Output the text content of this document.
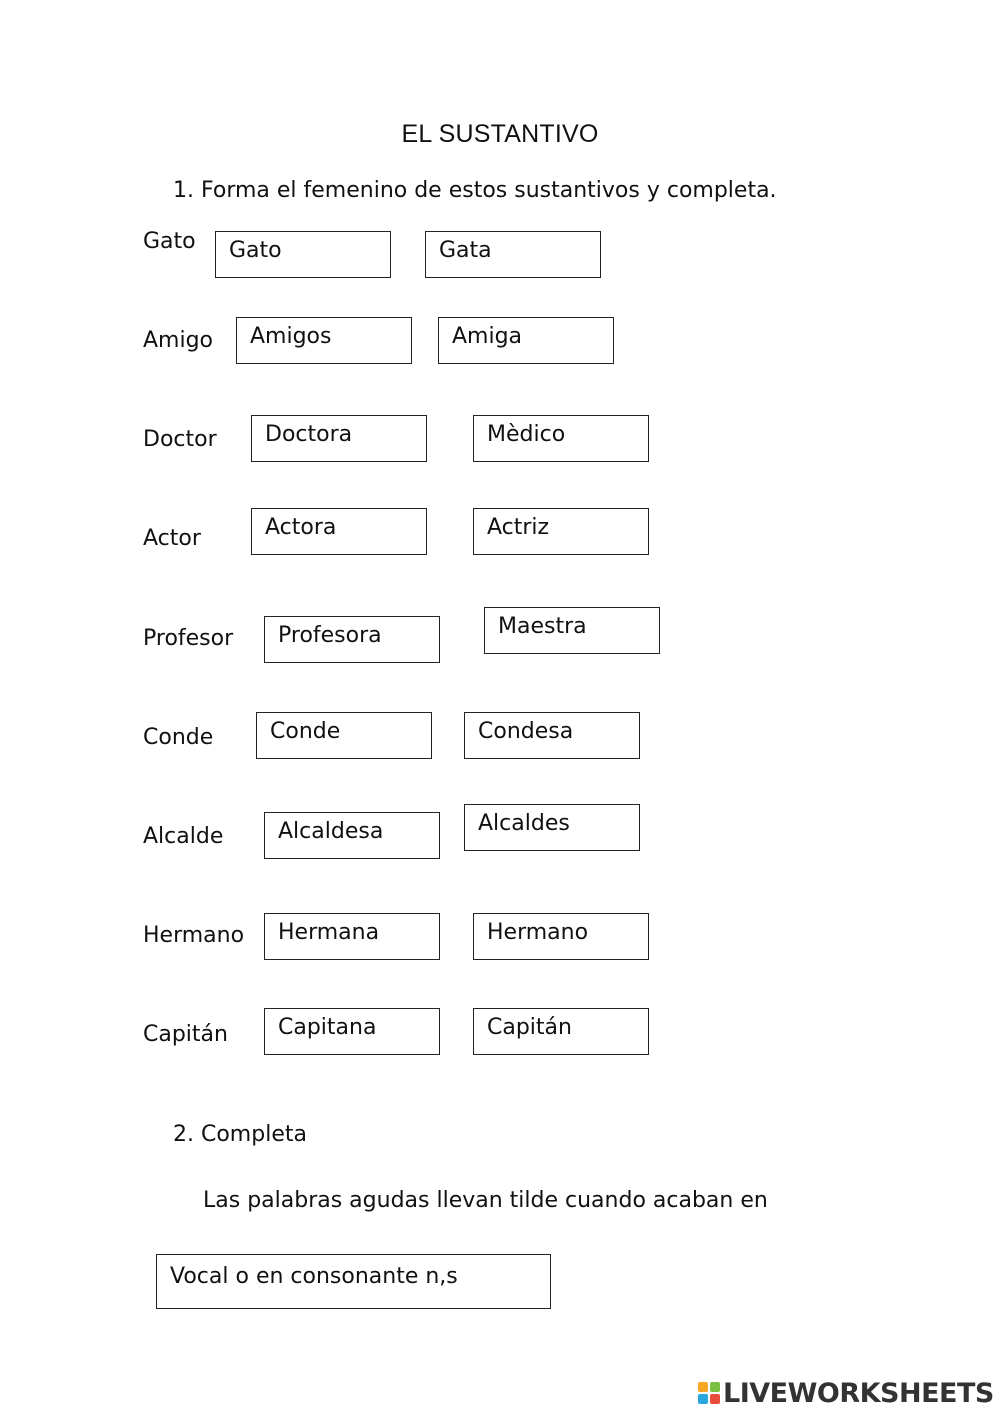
EL SUSTANTIVO
1. Forma el femenino de estos sustantivos y completa.
Gato	Gato	Gata
Amigo	Amigos	Amiga
Doctor	Doctora	Mèdico
Actor	Actora	Actriz
Profesor	Profesora	Maestra
Conde	Conde	Condesa
Alcalde	Alcaldesa	Alcaldes
Hermano	Hermana	Hermano
Capitán	Capitana	Capitán
2. Completa
Las palabras agudas llevan tilde cuando acaban en
Vocal o en consonante n,s
LIVEWORKSHEETS
